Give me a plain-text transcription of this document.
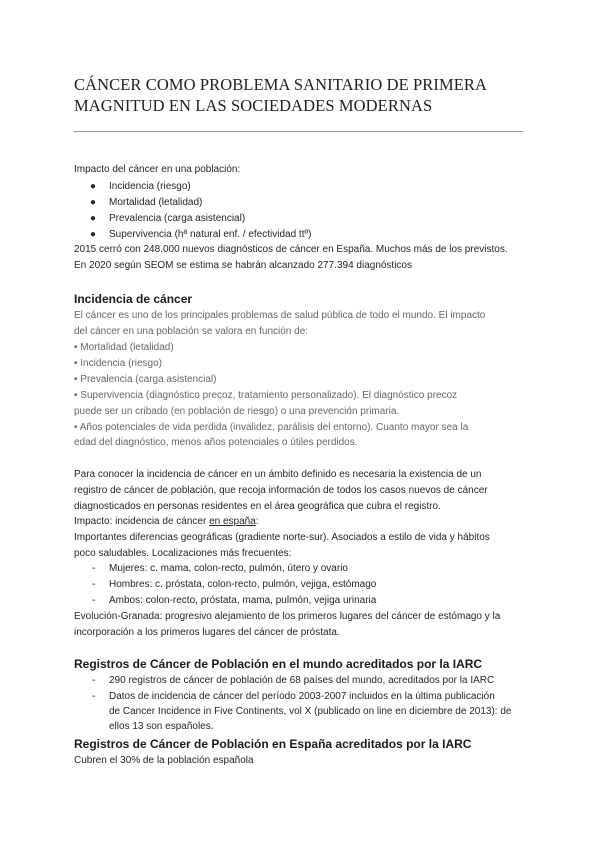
CÁNCER COMO PROBLEMA SANITARIO DE PRIMERA
MAGNITUD EN LAS SOCIEDADES MODERNAS
Impacto del cáncer en una población:
● Incidencia (riesgo)
● Mortalidad (letalidad)
● Prevalencia (carga asistencial)
● Supervivencia (hª natural enf. / efectividad ttº)
2015 cerró con 248.000 nuevos diagnósticos de cáncer en España. Muchos más de los previstos.
En 2020 según SEOM se estima se habrán alcanzado 277.394 diagnósticos
Incidencia de cáncer
El cáncer es uno de los principales problemas de salud pública de todo el mundo. El impacto
del cáncer en una población se valora en función de:
• Mortalidad (letalidad)
• Incidencia (riesgo)
• Prevalencia (carga asistencial)
• Supervivencia (diagnóstico precoz, tratamiento personalizado). El diagnóstico precoz
puede ser un cribado (en población de riesgo) o una prevención primaria.
• Años potenciales de vida perdida (invalidez, parálisis del entorno). Cuanto mayor sea la
edad del diagnóstico, menos años potenciales o útiles perdidos.
Para conocer la incidencia de cáncer en un ámbito definido es necesaria la existencia de un
registro de cáncer de población, que recoja información de todos los casos nuevos de cáncer
diagnosticados en personas residentes en el área geográfica que cubra el registro.
Impacto: incidencia de cáncer en españa:
Importantes diferencias geográficas (gradiente norte-sur). Asociados a estilo de vida y hábitos
poco saludables. Localizaciones más frecuentes:
- Mujeres: c. mama, colon-recto, pulmón, útero y ovario
- Hombres: c. próstata, colon-recto, pulmón, vejiga, estómago
- Ambos: colon-recto, próstata, mama, pulmón, vejiga urinaria
Evolución-Granada: progresivo alejamiento de los primeros lugares del cáncer de estómago y la
incorporación a los primeros lugares del cáncer de próstata.
Registros de Cáncer de Población en el mundo acreditados por la IARC
- 290 registros de cáncer de población de 68 países del mundo, acreditados por la IARC
- Datos de incidencia de cáncer del período 2003-2007 incluidos en la última publicación
de Cancer Incidence in Five Continents, vol X (publicado on line en diciembre de 2013): de
ellos 13 son españoles.
Registros de Cáncer de Población en España acreditados por la IARC
Cubren el 30% de la población española
